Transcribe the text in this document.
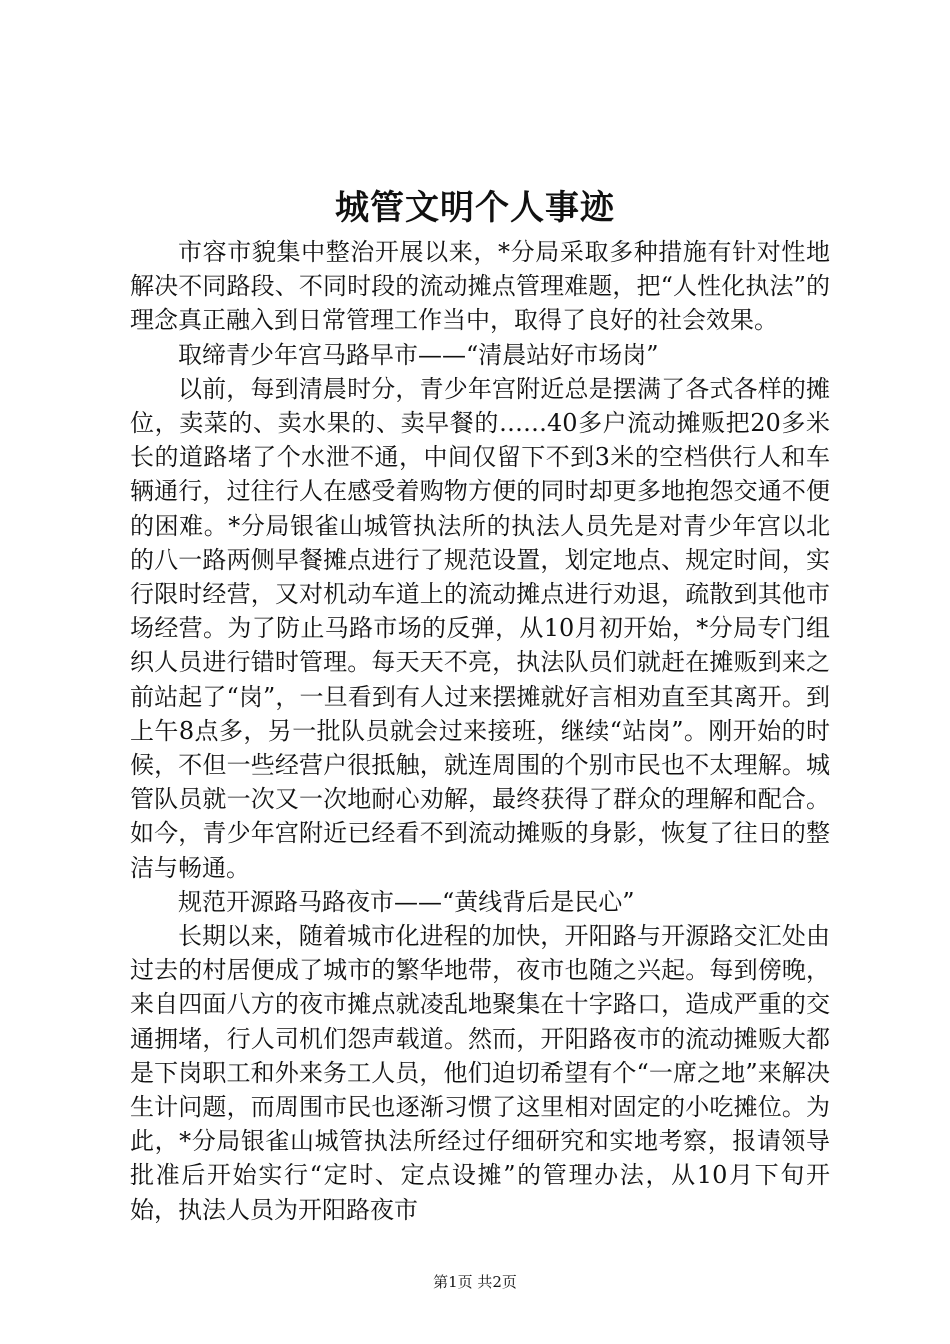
城管文明个人事迹

市容市貌集中整治开展以来，*分局采取多种措施有针对性地解决不同路段、不同时段的流动摊点管理难题，把“人性化执法”的理念真正融入到日常管理工作当中，取得了良好的社会效果。

取缔青少年宫马路早市——“清晨站好市场岗”

以前，每到清晨时分，青少年宫附近总是摆满了各式各样的摊位，卖菜的、卖水果的、卖早餐的……40多户流动摊贩把20多米长的道路堵了个水泄不通，中间仅留下不到3米的空档供行人和车辆通行，过往行人在感受着购物方便的同时却更多地抱怨交通不便的困难。*分局银雀山城管执法所的执法人员先是对青少年宫以北的八一路两侧早餐摊点进行了规范设置，划定地点、规定时间，实行限时经营，又对机动车道上的流动摊点进行劝退，疏散到其他市场经营。为了防止马路市场的反弹，从10月初开始，*分局专门组织人员进行错时管理。每天天不亮，执法队员们就赶在摊贩到来之前站起了“岗”，一旦看到有人过来摆摊就好言相劝直至其离开。到上午8点多，另一批队员就会过来接班，继续“站岗”。刚开始的时候，不但一些经营户很抵触，就连周围的个别市民也不太理解。城管队员就一次又一次地耐心劝解，最终获得了群众的理解和配合。如今，青少年宫附近已经看不到流动摊贩的身影，恢复了往日的整洁与畅通。

规范开源路马路夜市——“黄线背后是民心”

长期以来，随着城市化进程的加快，开阳路与开源路交汇处由过去的村居便成了城市的繁华地带，夜市也随之兴起。每到傍晚，来自四面八方的夜市摊点就凌乱地聚集在十字路口，造成严重的交通拥堵，行人司机们怨声载道。然而，开阳路夜市的流动摊贩大都是下岗职工和外来务工人员，他们迫切希望有个“一席之地”来解决生计问题，而周围市民也逐渐习惯了这里相对固定的小吃摊位。为此，*分局银雀山城管执法所经过仔细研究和实地考察，报请领导批准后开始实行“定时、定点设摊”的管理办法，从10月下旬开始，执法人员为开阳路夜市

第1页 共2页
